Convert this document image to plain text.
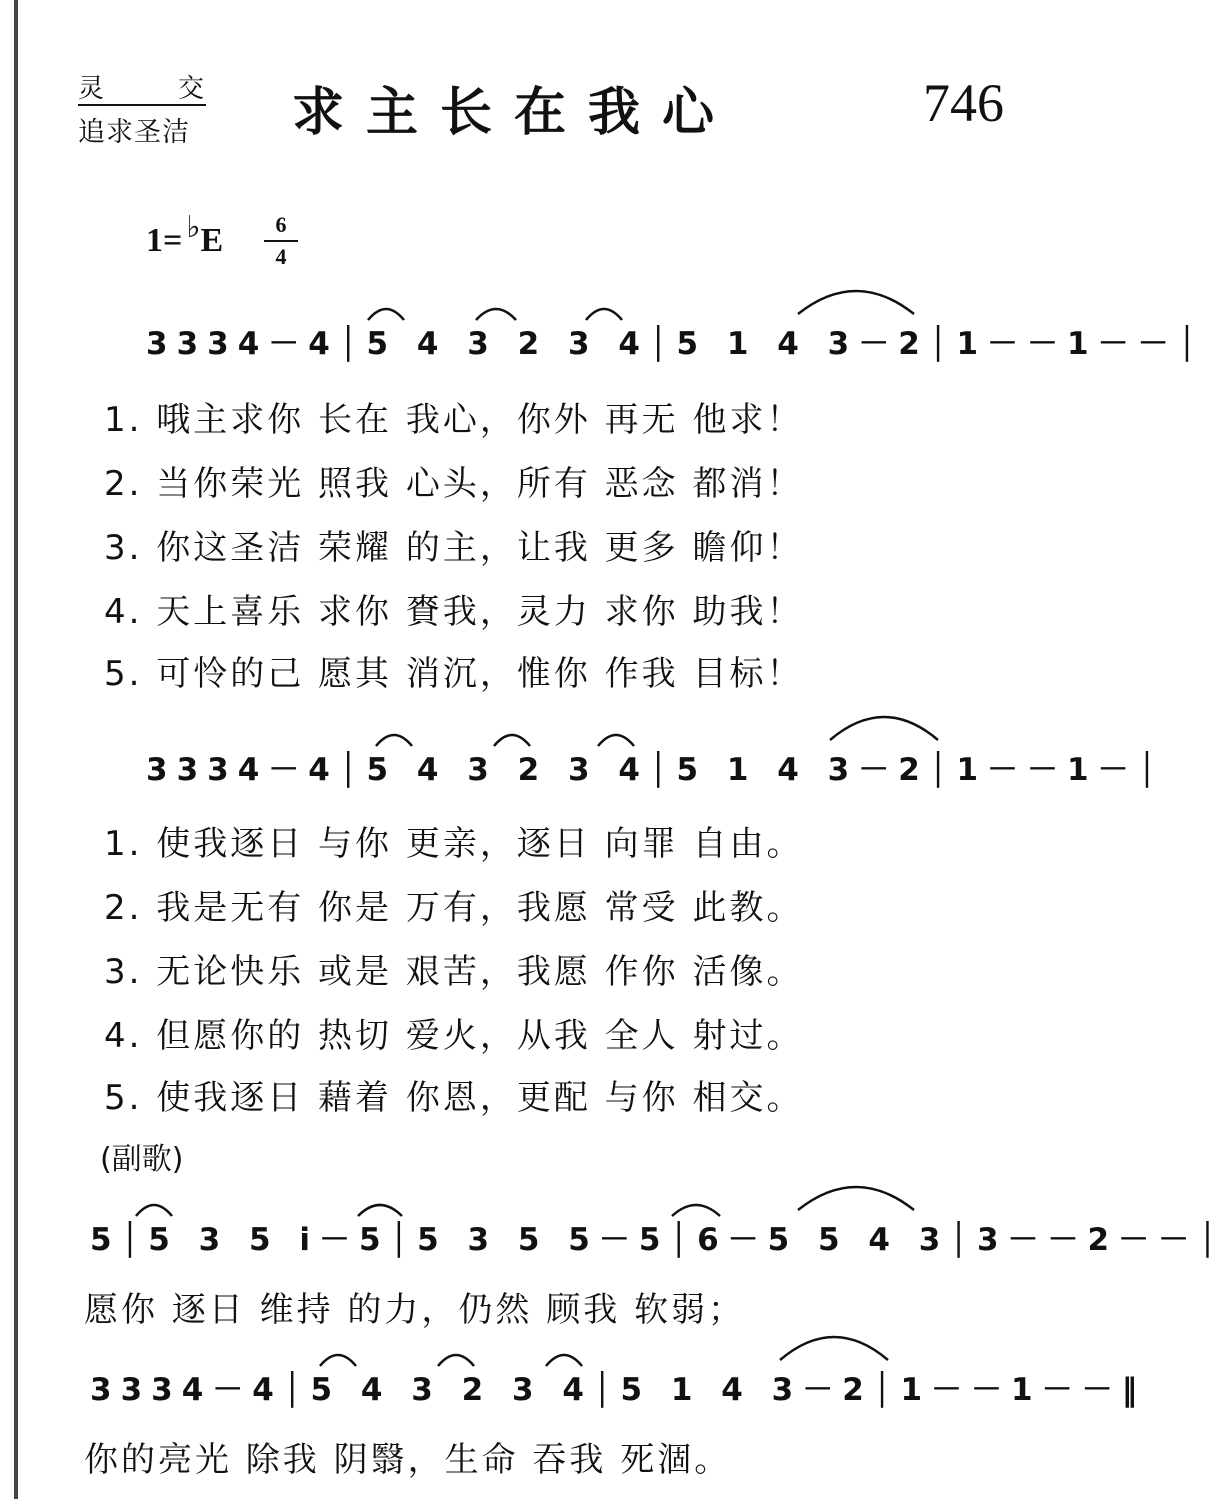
灵	交
追求圣洁 求主长在我心	746
1= ♭E	6
4
3334－4│5 4 3 2 3 4│5 1 4 3－2│1－－1－－│
1. 哦主求你 长在 我心，你外 再无 他求！
2. 当你荣光 照我 心头，所有 恶念 都消！
3. 你这圣洁 荣耀 的主，让我 更多 瞻仰！
4. 天上喜乐 求你 賚我，灵力 求你 助我！
5. 可怜的己 愿其 消沉，惟你 作我 目标！
3334－4│5 4 3 2 3 4│5 1 4 3－2│1－－1－│
1. 使我逐日 与你 更亲，逐日 向罪 自由。
2. 我是无有 你是 万有，我愿 常受 此教。
3. 无论快乐 或是 艰苦，我愿 作你 活像。
4. 但愿你的 热切 爱火，从我 全人 射过。
5. 使我逐日 藉着 你恩，更配 与你 相交。
(副歌)
5│5 3 5 i－5│5 3 5 5－5│6－5 5 4 3│3－－2－－│
愿你 逐日 维持 的力，仍然 顾我 软弱；
3334－4│5 4 3 2 3 4│5 1 4 3－2│1－－1－－‖
你的亮光 除我 阴翳，生命 吞我 死涸。
